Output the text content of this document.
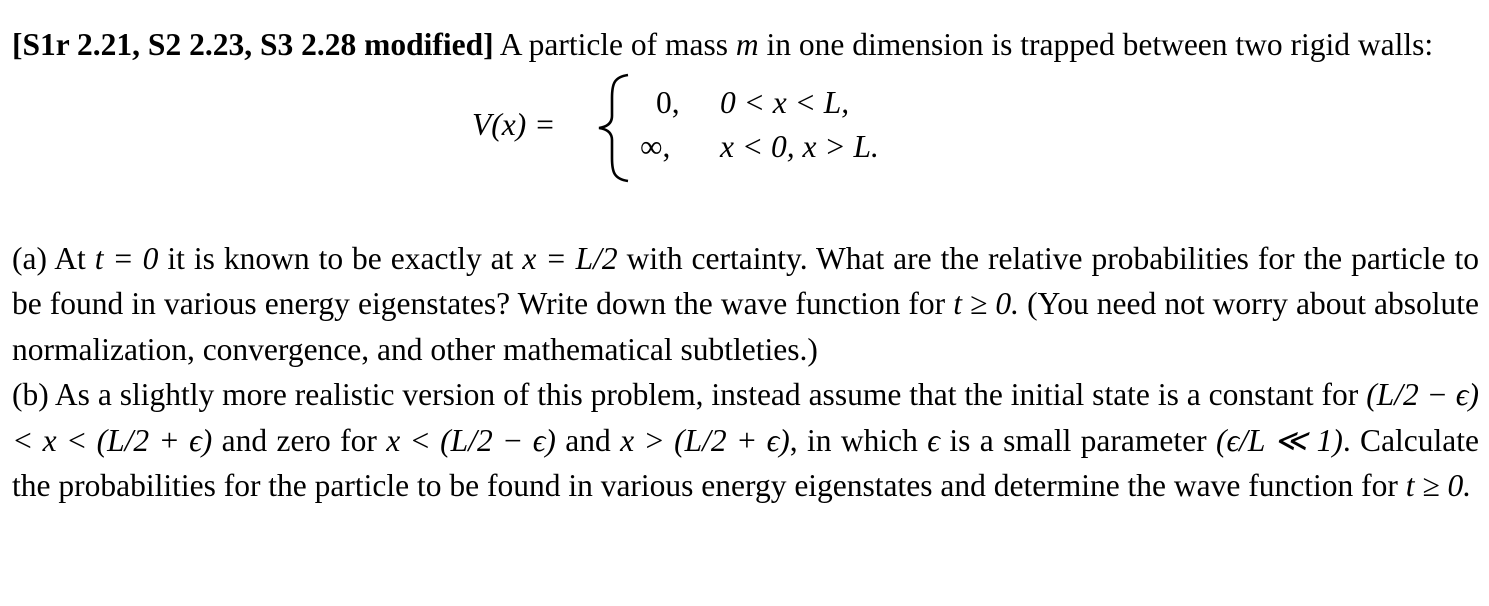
[S1r 2.21, S2 2.23, S3 2.28 modified] A particle of mass m in one dimension is trapped between two rigid walls:

V(x) =
0, 0 < x < L,
∞, x < 0, x > L.

(a) At t = 0 it is known to be exactly at x = L/2 with certainty. What are the relative probabilities for the particle to be found in various energy eigenstates? Write down the wave function for t ≥ 0. (You need not worry about absolute normalization, convergence, and other mathematical subtleties.)

(b) As a slightly more realistic version of this problem, instead assume that the initial state is a constant for (L/2 − ϵ) < x < (L/2 + ϵ) and zero for x < (L/2 − ϵ) and x > (L/2 + ϵ), in which ϵ is a small parameter (ϵ/L ≪ 1). Calculate the probabilities for the particle to be found in various energy eigenstates and determine the wave function for t ≥ 0.
